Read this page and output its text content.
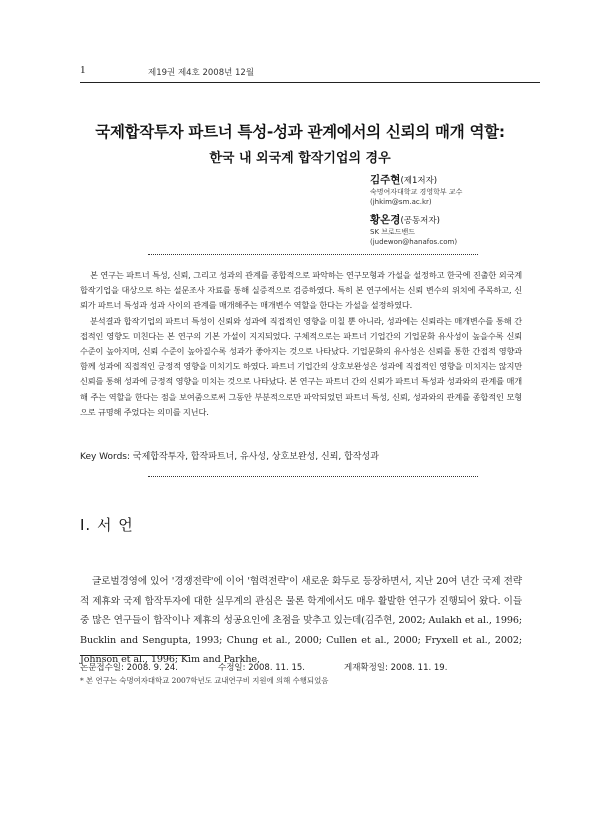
1	제19권 제4호 2008년 12월
국제합작투자 파트너 특성-성과 관계에서의 신뢰의 매개 역할:
한국 내 외국계 합작기업의 경우
김주현(제1저자)
숙명여자대학교 경영학부 교수
(jhkim@sm.ac.kr)
황온경(공동저자)
SK 브로드밴드
(judewon@hanafos.com)

본 연구는 파트너 특성, 신뢰, 그리고 성과의 관계를 종합적으로 파악하는 연구모형과 가설을 설정하고 한국에 진출한 외국계 합작기업을 대상으로 하는 설문조사 자료를 통해 실증적으로 검증하였다. 특히 본 연구에서는 신뢰 변수의 위치에 주목하고, 신뢰가 파트너 특성과 성과 사이의 관계를 매개해주는 매개변수 역할을 한다는 가설을 설정하였다.

분석결과 합작기업의 파트너 특성이 신뢰와 성과에 직접적인 영향을 미칠 뿐 아니라, 성과에는 신뢰라는 매개변수를 통해 간접적인 영향도 미친다는 본 연구의 기본 가설이 지지되었다. 구체적으로는 파트너 기업간의 기업문화 유사성이 높을수록 신뢰 수준이 높아지며, 신뢰 수준이 높아질수록 성과가 좋아지는 것으로 나타났다. 기업문화의 유사성은 신뢰를 통한 간접적 영향과 함께 성과에 직접적인 긍정적 영향을 미치기도 하였다. 파트너 기업간의 상호보완성은 성과에 직접적인 영향을 미치지는 않지만 신뢰를 통해 성과에 긍정적 영향을 미치는 것으로 나타났다. 본 연구는 파트너 간의 신뢰가 파트너 특성과 성과와의 관계를 매개해 주는 역할을 한다는 점을 보여줌으로써 그동안 부분적으로만 파악되었던 파트너 특성, 신뢰, 성과와의 관계를 종합적인 모형으로 규명해 주었다는 의미를 지닌다.

Key Words: 국제합작투자, 합작파트너, 유사성, 상호보완성, 신뢰, 합작성과
Ⅰ. 서 언

글로벌경영에 있어 '경쟁전략'에 이어 '협력전략'이 새로운 화두로 등장하면서, 지난 20여 년간 국제 전략적 제휴와 국제 합작투자에 대한 실무계의 관심은 물론 학계에서도 매우 활발한 연구가 진행되어 왔다. 이들 중 많은 연구들이 합작이나 제휴의 성공요인에 초점을 맞추고 있는데(김주현, 2002; Aulakh et al., 1996; Bucklin and Sengupta, 1993; Chung et al., 2000; Cullen et al., 2000; Fryxell et al., 2002; Johnson et al., 1996; Kim and Parkhe,

논문접수일: 2008. 9. 24.	수정일: 2008. 11. 15.	게재확정일: 2008. 11. 19.
* 본 연구는 숙명여자대학교 2007학년도 교내연구비 지원에 의해 수행되었음
